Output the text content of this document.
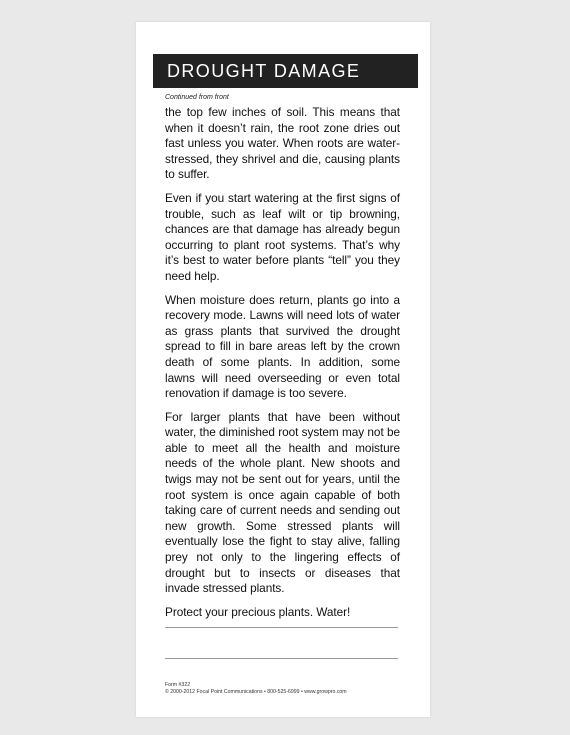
DROUGHT DAMAGE
Continued from front

the top few inches of soil. This means that when it doesn’t rain, the root zone dries out fast unless you water. When roots are water-stressed, they shrivel and die, causing plants to suffer.

Even if you start watering at the first signs of trouble, such as leaf wilt or tip browning, chances are that damage has already begun occurring to plant root systems. That’s why it’s best to water before plants “tell” you they need help.

When moisture does return, plants go into a recovery mode. Lawns will need lots of water as grass plants that survived the drought spread to fill in bare areas left by the crown death of some plants. In addition, some lawns will need overseeding or even total renovation if damage is too severe.

For larger plants that have been without water, the diminished root system may not be able to meet all the health and moisture needs of the whole plant. New shoots and twigs may not be sent out for years, until the root system is once again capable of both taking care of current needs and sending out new growth. Some stressed plants will eventually lose the fight to stay alive, falling prey not only to the lingering effects of drought but to insects or diseases that invade stressed plants.

Protect your precious plants. Water!

Form #322
© 2000-2012 Focal Point Communications • 800-525-6999 • www.growpro.com
